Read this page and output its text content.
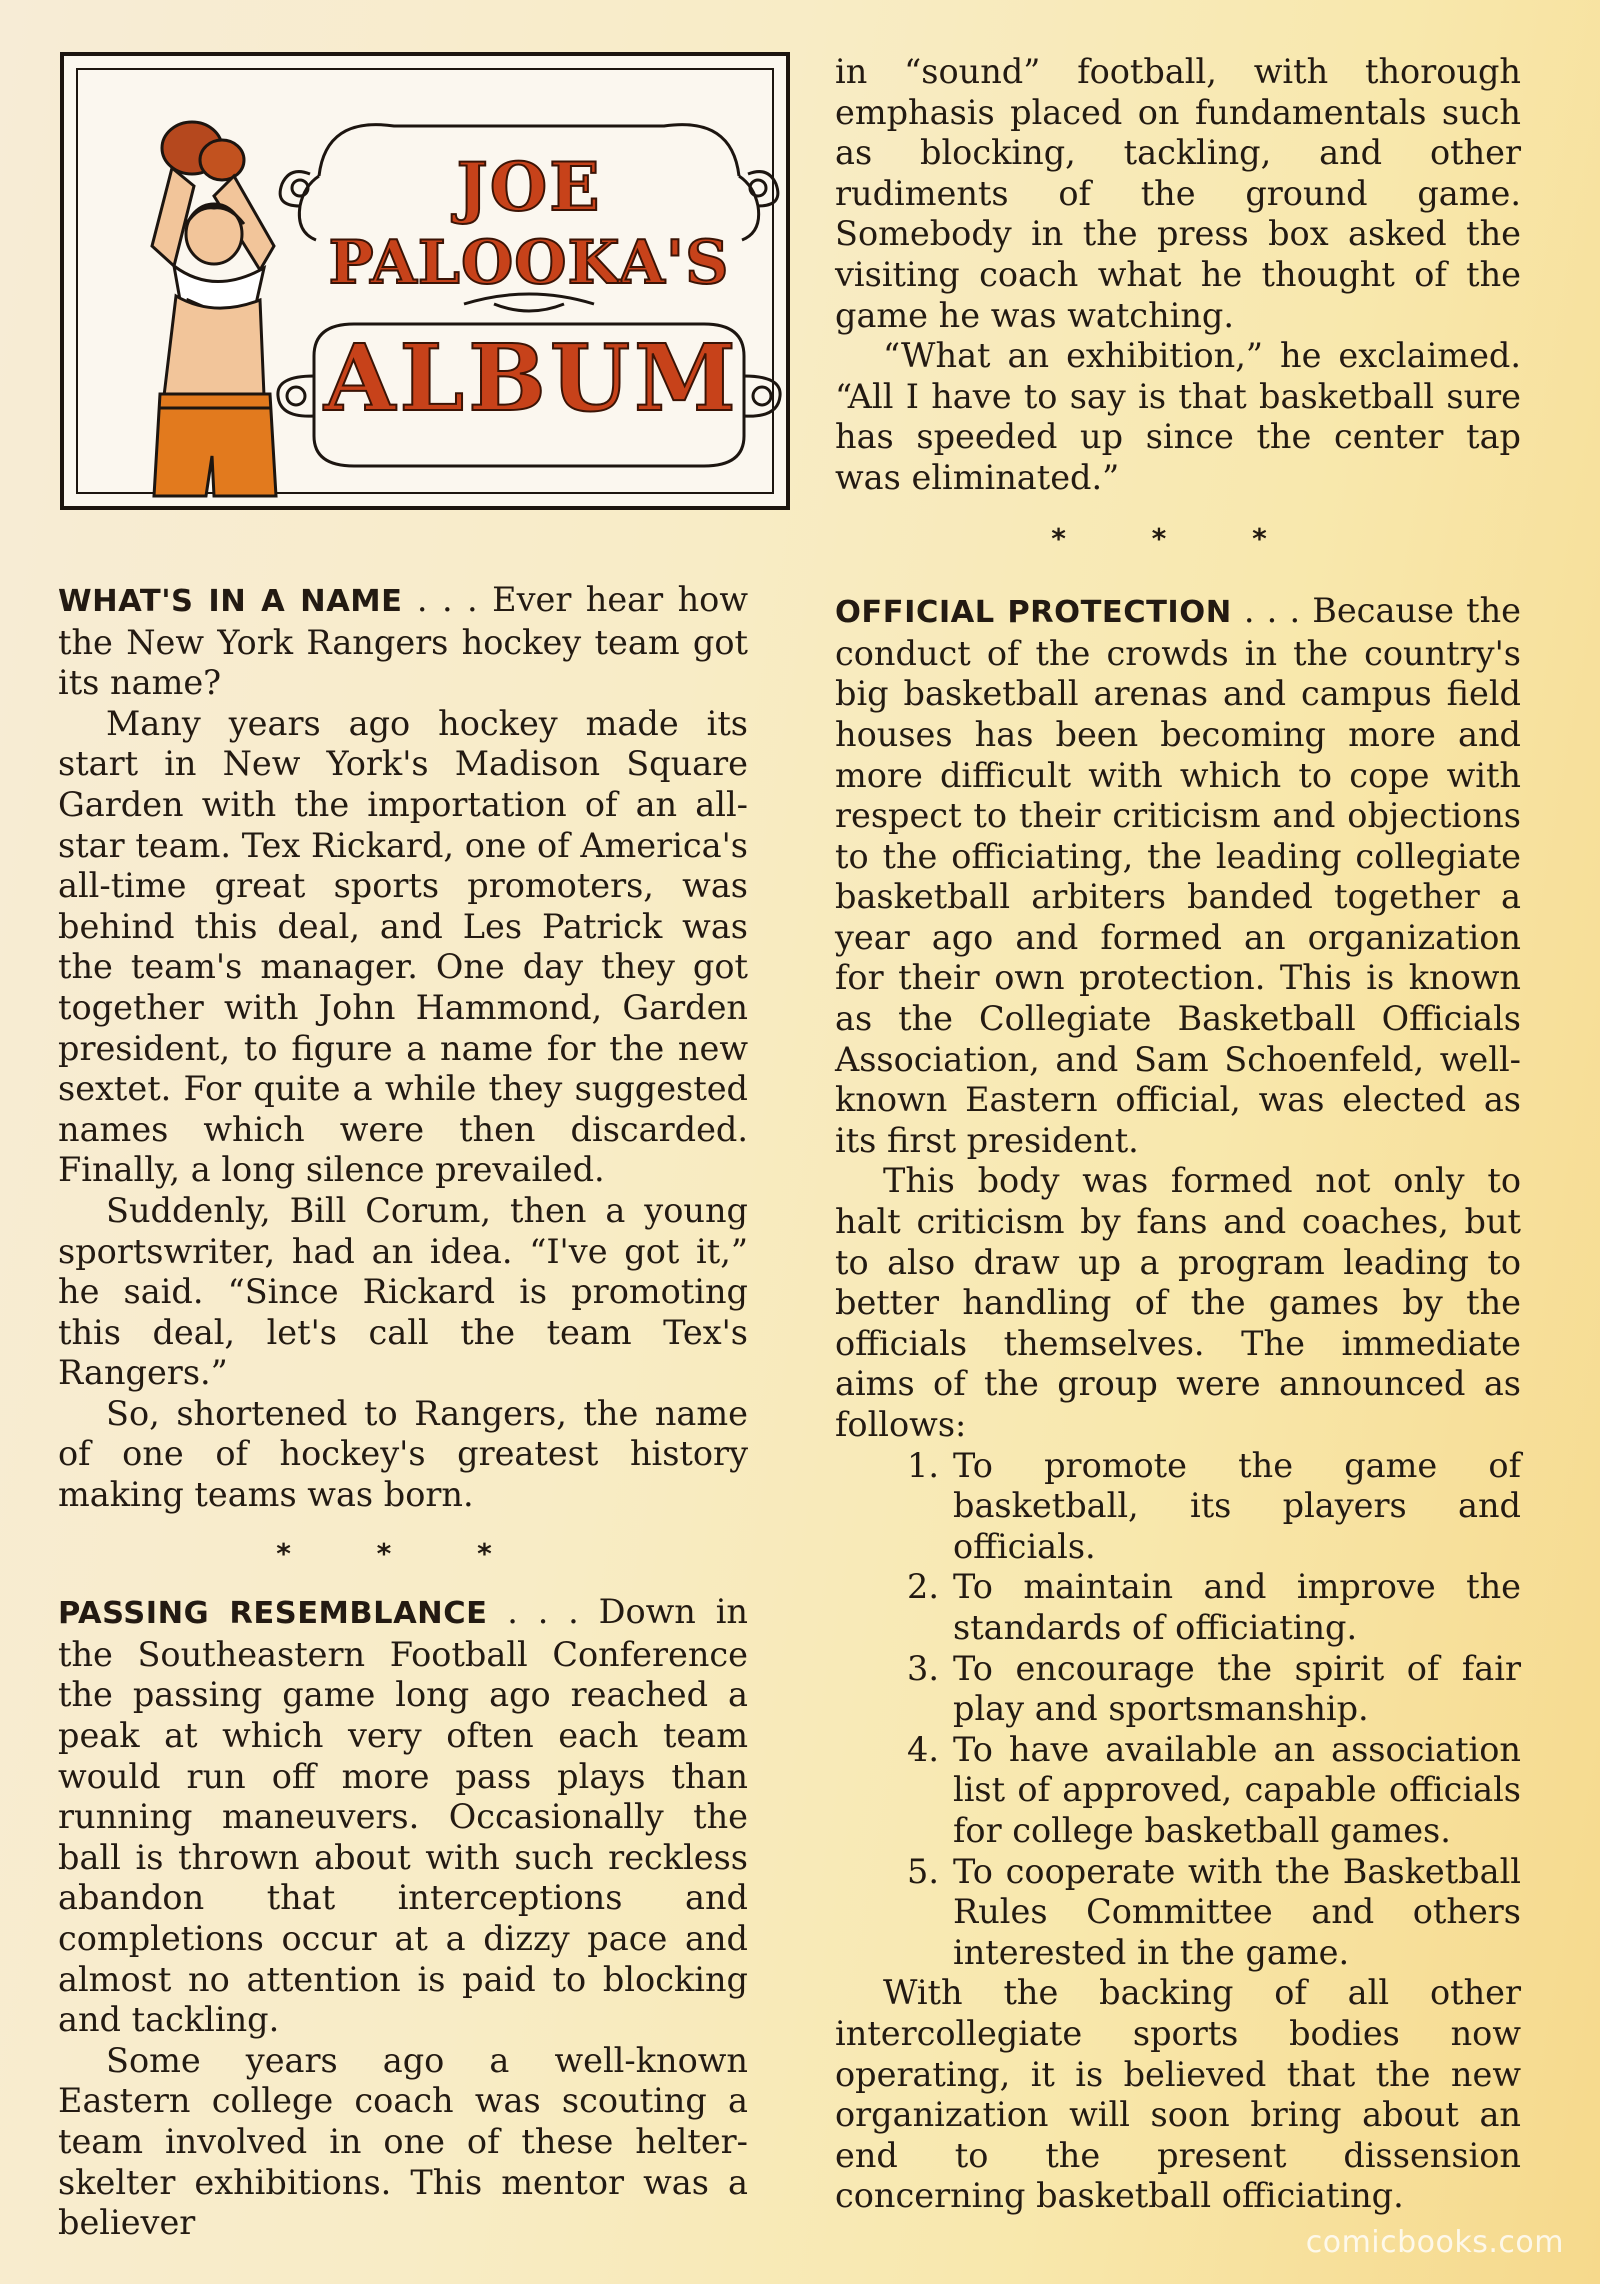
JOE
PALOOKA'S
ALBUM

WHAT'S IN A NAME . . . Ever hear how the New York Rangers hockey team got its name?

Many years ago hockey made its start in New York's Madison Square Garden with the importation of an all-star team. Tex Rickard, one of America's all-time great sports promoters, was behind this deal, and Les Patrick was the team's manager. One day they got together with John Hammond, Garden president, to figure a name for the new sextet. For quite a while they suggested names which were then discarded. Finally, a long silence prevailed.

Suddenly, Bill Corum, then a young sportswriter, had an idea. “I've got it,” he said. “Since Rickard is promoting this deal, let's call the team Tex's Rangers.”

So, shortened to Rangers, the name of one of hockey's greatest history making teams was born.

* * *

PASSING RESEMBLANCE . . . Down in the Southeastern Football Conference the passing game long ago reached a peak at which very often each team would run off more pass plays than running maneuvers. Occasionally the ball is thrown about with such reckless abandon that interceptions and completions occur at a dizzy pace and almost no attention is paid to blocking and tackling.

Some years ago a well-known Eastern college coach was scouting a team involved in one of these helter-skelter exhibitions. This mentor was a believer

in “sound” football, with thorough emphasis placed on fundamentals such as blocking, tackling, and other rudiments of the ground game. Somebody in the press box asked the visiting coach what he thought of the game he was watching.

“What an exhibition,” he exclaimed. “All I have to say is that basketball sure has speeded up since the center tap was eliminated.”

* * *

OFFICIAL PROTECTION . . . Because the conduct of the crowds in the country's big basketball arenas and campus field houses has been becoming more and more difficult with which to cope with respect to their criticism and objections to the officiating, the leading collegiate basketball arbiters banded together a year ago and formed an organization for their own protection. This is known as the Collegiate Basketball Officials Association, and Sam Schoenfeld, well-known Eastern official, was elected as its first president.

This body was formed not only to halt criticism by fans and coaches, but to also draw up a program leading to better handling of the games by the officials themselves. The immediate aims of the group were announced as follows:

1. To promote the game of basketball, its players and officials.
2. To maintain and improve the standards of officiating.
3. To encourage the spirit of fair play and sportsmanship.
4. To have available an association list of approved, capable officials for college basketball games.
5. To cooperate with the Basketball Rules Committee and others interested in the game.

With the backing of all other intercollegiate sports bodies now operating, it is believed that the new organization will soon bring about an end to the present dissension concerning basketball officiating.

comicbooks.com
